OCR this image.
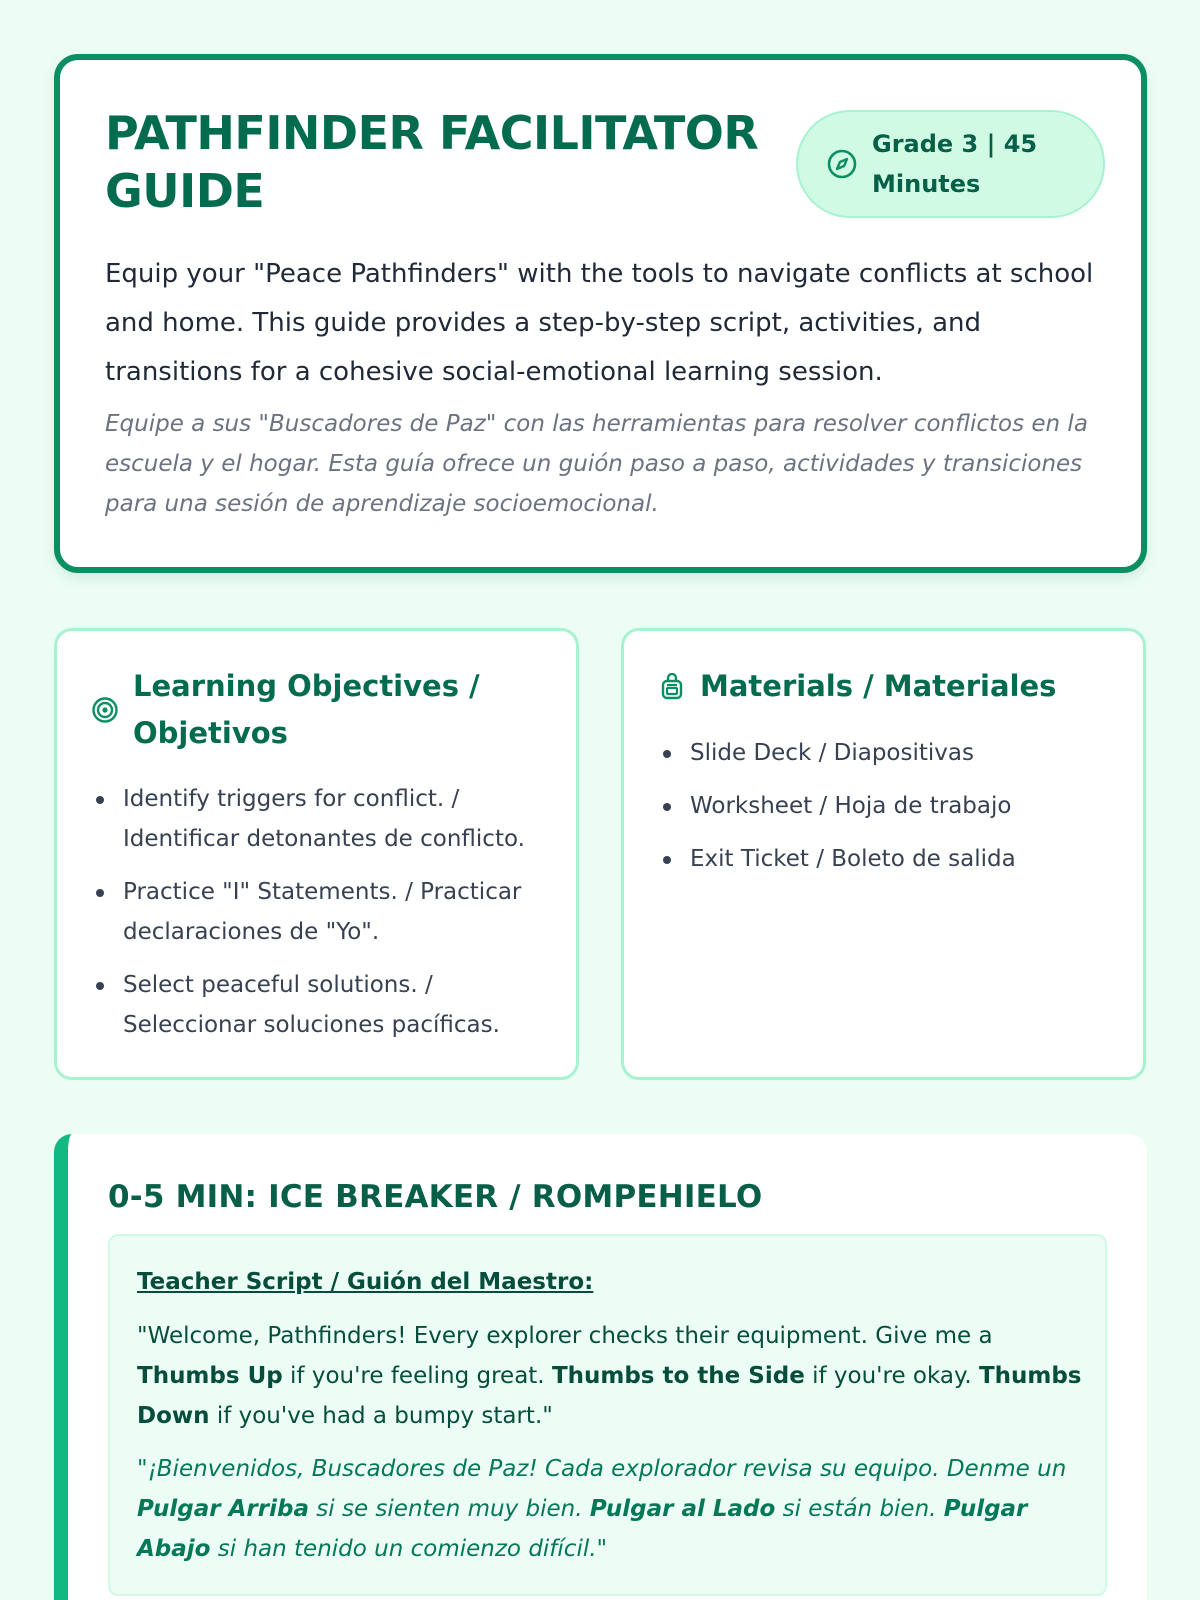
PATHFINDER FACILITATOR GUIDE
Grade 3 | 45 Minutes

Equip your "Peace Pathfinders" with the tools to navigate conflicts at school and home. This guide provides a step-by-step script, activities, and transitions for a cohesive social-emotional learning session.

Equipe a sus "Buscadores de Paz" con las herramientas para resolver conflictos en la escuela y el hogar. Esta guía ofrece un guión paso a paso, actividades y transiciones para una sesión de aprendizaje socioemocional.

Learning Objectives / Objetivos
Identify triggers for conflict. / Identificar detonantes de conflicto.
Practice "I" Statements. / Practicar declaraciones de "Yo".
Select peaceful solutions. / Seleccionar soluciones pacíficas.
Materials / Materiales
Slide Deck / Diapositivas
Worksheet / Hoja de trabajo
Exit Ticket / Boleto de salida
0-5 MIN: ICE BREAKER / ROMPEHIELO
Teacher Script / Guión del Maestro:

"Welcome, Pathfinders! Every explorer checks their equipment. Give me a Thumbs Up if you're feeling great. Thumbs to the Side if you're okay. Thumbs Down if you've had a bumpy start."

"¡Bienvenidos, Buscadores de Paz! Cada explorador revisa su equipo. Denme un Pulgar Arriba si se sienten muy bien. Pulgar al Lado si están bien. Pulgar Abajo si han tenido un comienzo difícil."
